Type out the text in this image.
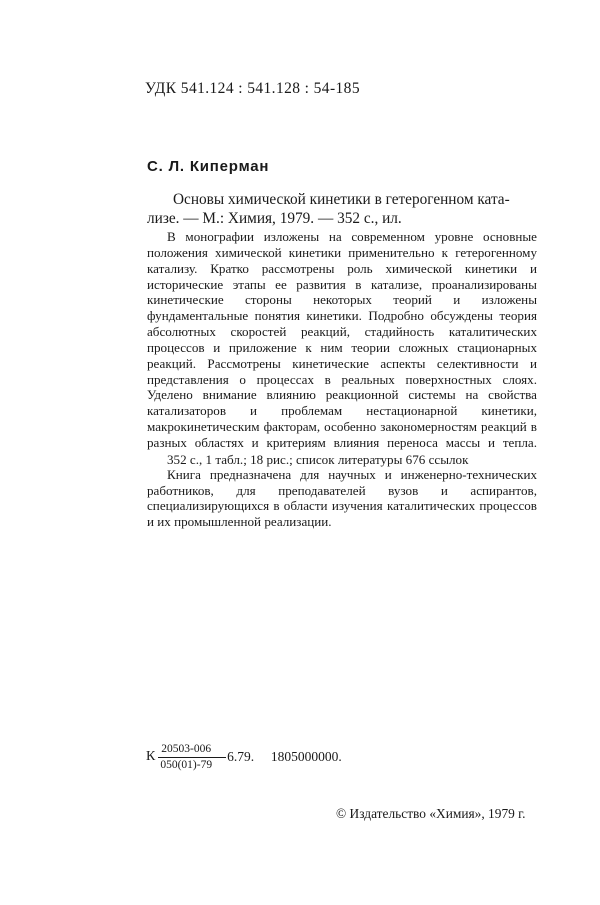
УДК 541.124 : 541.128 : 54-185
С. Л. Киперман
Основы химической кинетики в гетерогенном ката-
лизе. — М.: Химия, 1979. — 352 с., ил.

В монографии изложены на современном уровне основные положения химической кинетики применительно к гетерогенному катализу. Кратко рассмотрены роль химической кинетики и исторические этапы ее развития в катализе, проанализированы кинетические стороны некоторых теорий и изложены фундаментальные понятия кинетики. Подробно обсуждены теория абсолютных скоростей реакций, стадийность каталитических процессов и приложение к ним теории сложных стационарных реакций. Рассмотрены кинетические аспекты селективности и представления о процессах в реальных поверхностных слоях. Уделено внимание влиянию реакционной системы на свойства катализаторов и проблемам нестационарной кинетики, макрокинетическим факторам, особенно закономерностям реакций в разных областях и критериям влияния переноса массы и тепла.

Книга предназначена для научных и инженерно-технических работников, для преподавателей вузов и аспирантов, специализирующихся в области изучения каталитических процессов и их промышленной реализации.

352 с., 1 табл.; 18 рис.; список литературы 676 ссылок
К $\frac{20503-006}{050(01)-79} 6.79$. 1805000000.
© Издательство «Химия», 1979 г.
